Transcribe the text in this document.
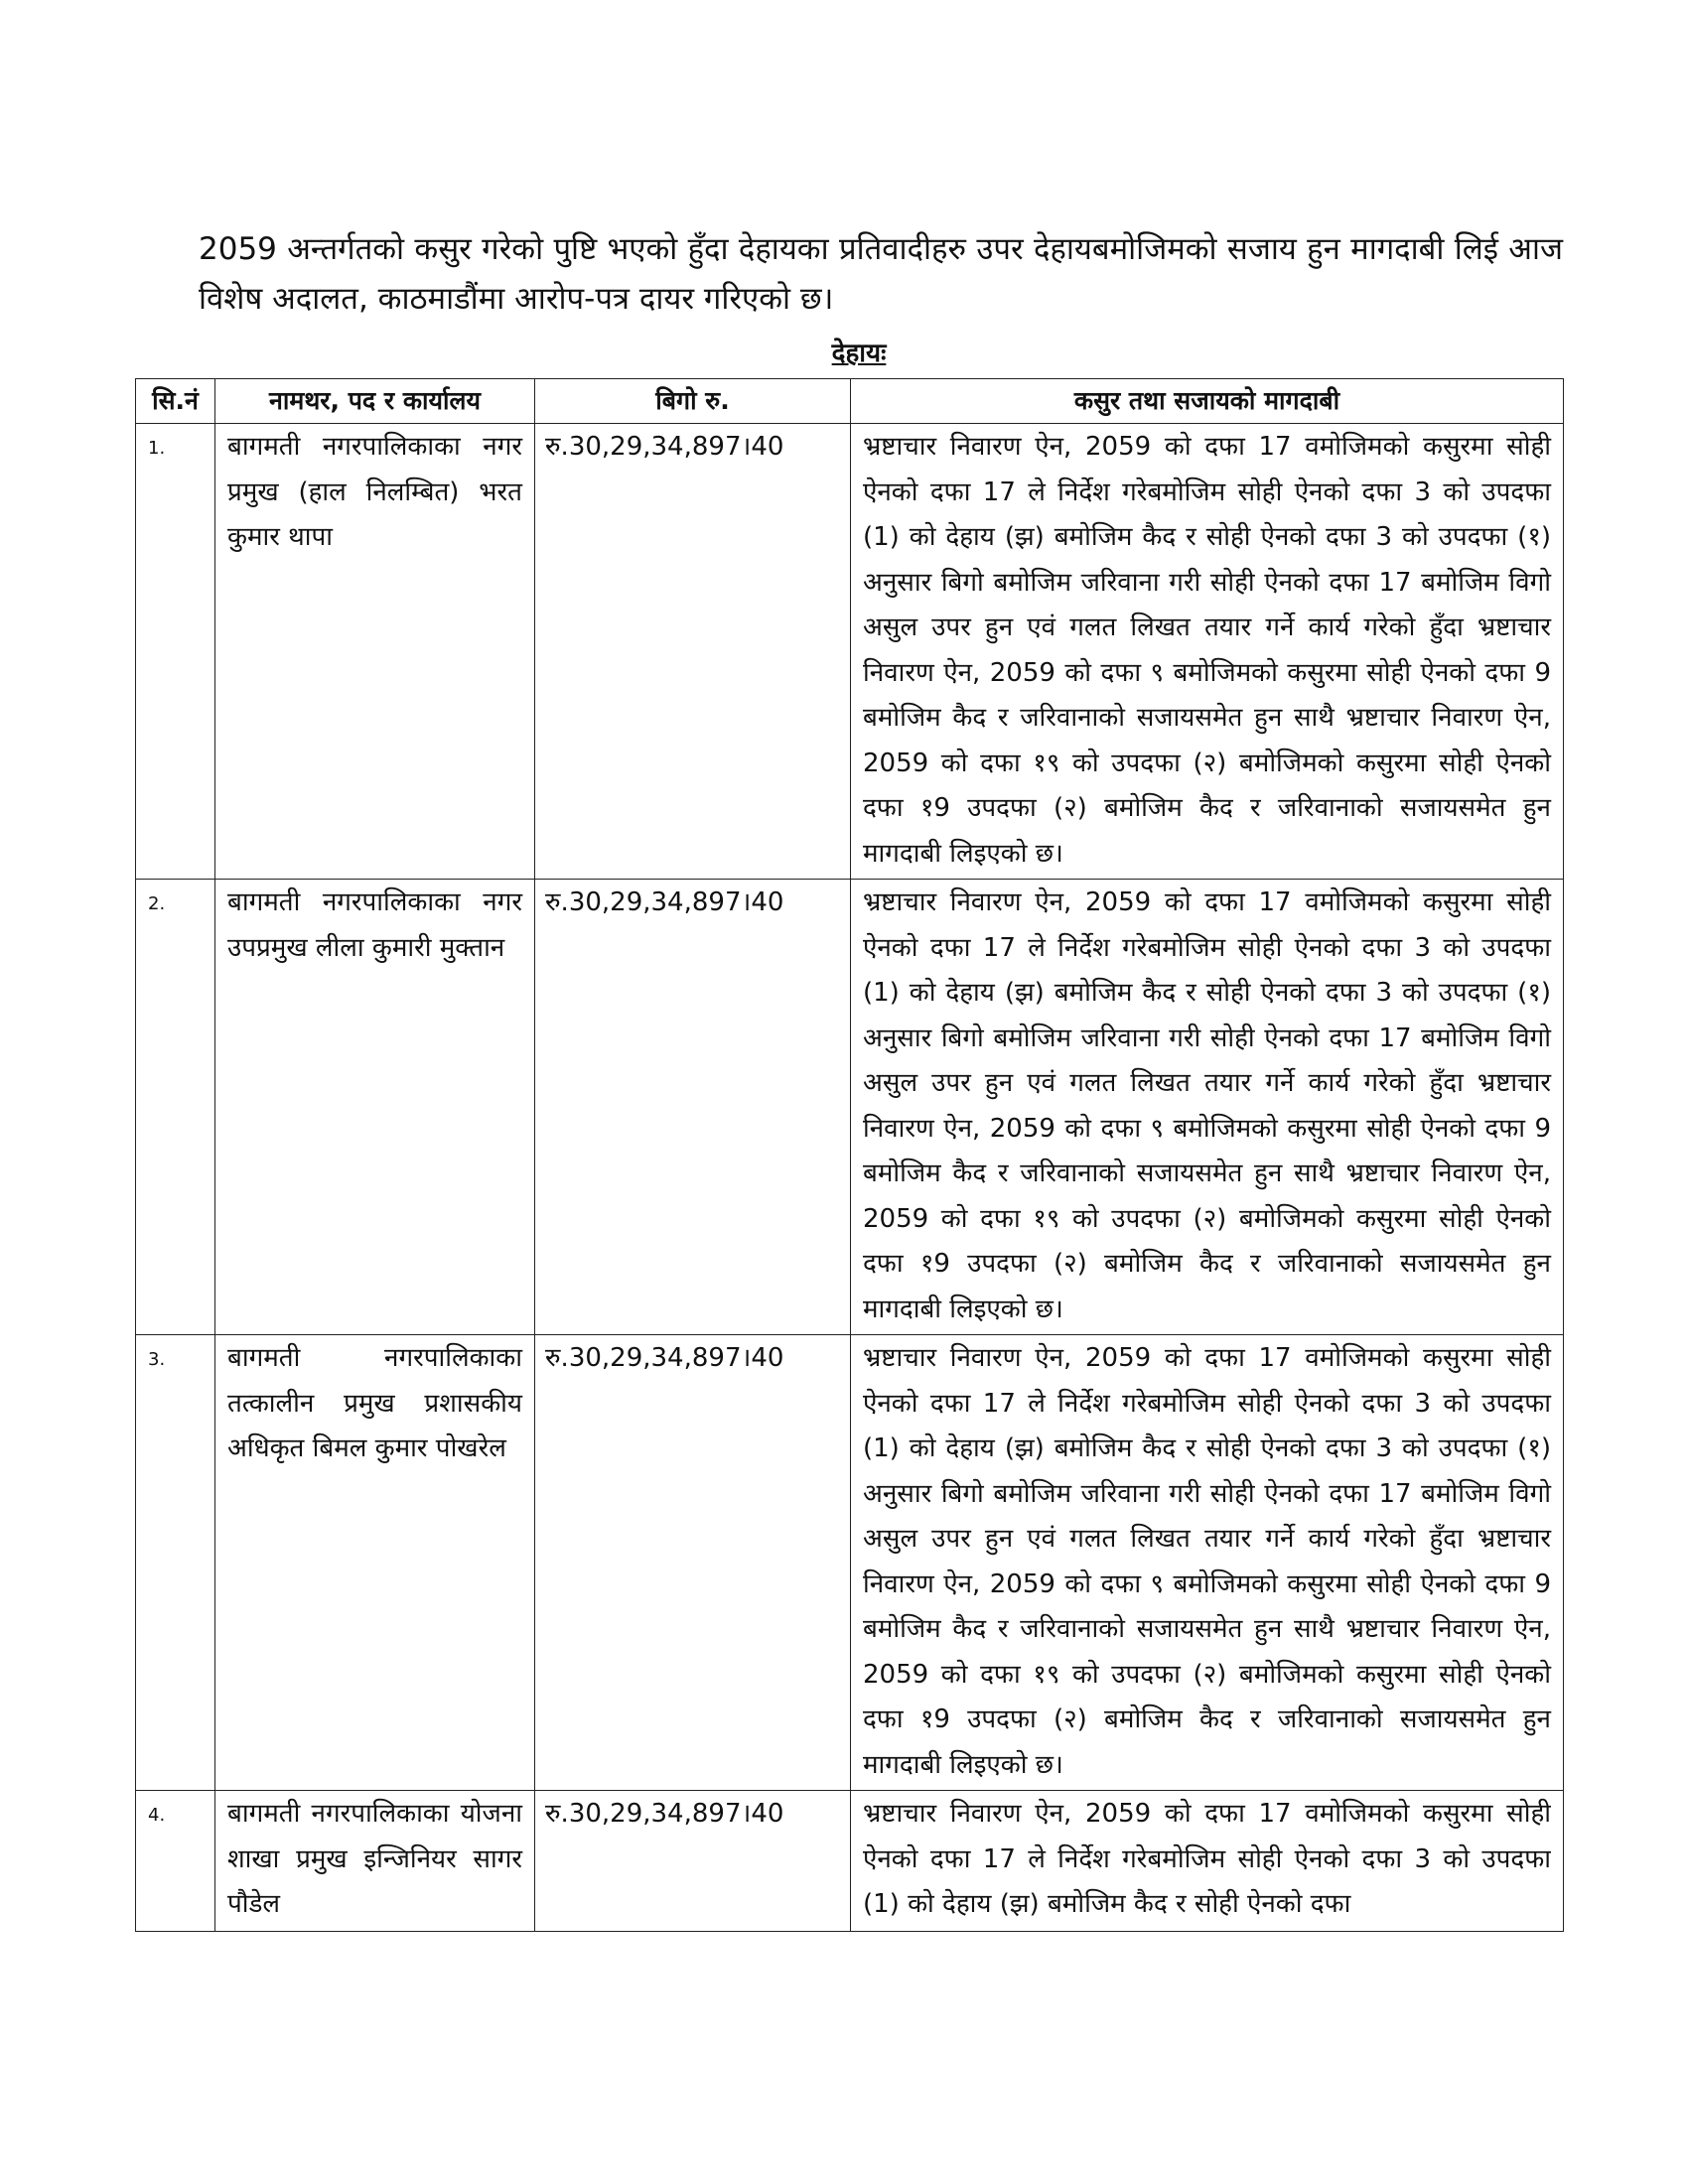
2059 अन्तर्गतको कसुर गरेको पुष्टि भएको हुँदा देहायका प्रतिवादीहरु उपर देहायबमोजिमको सजाय हुन मागदाबी लिई आज विशेष अदालत, काठमाडौंमा आरोप-पत्र दायर गरिएको छ।

देहायः
सि.नं	नामथर, पद र कार्यालय	बिगो रु.	कसुर तथा सजायको मागदाबी
1.	बागमती नगरपालिकाका नगर प्रमुख (हाल निलम्बित) भरत कुमार थापा	रु.30,29,34,897।40	भ्रष्टाचार निवारण ऐन, 2059 को दफा 17 वमोजिमको कसुरमा सोही ऐनको दफा 17 ले निर्देश गरेबमोजिम सोही ऐनको दफा 3 को उपदफा (1) को देहाय (झ) बमोजिम कैद र सोही ऐनको दफा 3 को उपदफा (१) अनुसार बिगो बमोजिम जरिवाना गरी सोही ऐनको दफा 17 बमोजिम विगो असुल उपर हुन एवं गलत लिखत तयार गर्ने कार्य गरेको हुँदा भ्रष्टाचार निवारण ऐन, 2059 को दफा ९ बमोजिमको कसुरमा सोही ऐनको दफा 9 बमोजिम कैद र जरिवानाको सजायसमेत हुन साथै भ्रष्टाचार निवारण ऐन, 2059 को दफा १९ को उपदफा (२) बमोजिमको कसुरमा सोही ऐनको दफा १9 उपदफा (२) बमोजिम कैद र जरिवानाको सजायसमेत हुन मागदाबी लिइएको छ।
2.	बागमती नगरपालिकाका नगर उपप्रमुख लीला कुमारी मुक्तान	रु.30,29,34,897।40	भ्रष्टाचार निवारण ऐन, 2059 को दफा 17 वमोजिमको कसुरमा सोही ऐनको दफा 17 ले निर्देश गरेबमोजिम सोही ऐनको दफा 3 को उपदफा (1) को देहाय (झ) बमोजिम कैद र सोही ऐनको दफा 3 को उपदफा (१) अनुसार बिगो बमोजिम जरिवाना गरी सोही ऐनको दफा 17 बमोजिम विगो असुल उपर हुन एवं गलत लिखत तयार गर्ने कार्य गरेको हुँदा भ्रष्टाचार निवारण ऐन, 2059 को दफा ९ बमोजिमको कसुरमा सोही ऐनको दफा 9 बमोजिम कैद र जरिवानाको सजायसमेत हुन साथै भ्रष्टाचार निवारण ऐन, 2059 को दफा १९ को उपदफा (२) बमोजिमको कसुरमा सोही ऐनको दफा १9 उपदफा (२) बमोजिम कैद र जरिवानाको सजायसमेत हुन मागदाबी लिइएको छ।
3.	बागमती नगरपालिकाका तत्कालीन प्रमुख प्रशासकीय अधिकृत बिमल कुमार पोखरेल	रु.30,29,34,897।40	भ्रष्टाचार निवारण ऐन, 2059 को दफा 17 वमोजिमको कसुरमा सोही ऐनको दफा 17 ले निर्देश गरेबमोजिम सोही ऐनको दफा 3 को उपदफा (1) को देहाय (झ) बमोजिम कैद र सोही ऐनको दफा 3 को उपदफा (१) अनुसार बिगो बमोजिम जरिवाना गरी सोही ऐनको दफा 17 बमोजिम विगो असुल उपर हुन एवं गलत लिखत तयार गर्ने कार्य गरेको हुँदा भ्रष्टाचार निवारण ऐन, 2059 को दफा ९ बमोजिमको कसुरमा सोही ऐनको दफा 9 बमोजिम कैद र जरिवानाको सजायसमेत हुन साथै भ्रष्टाचार निवारण ऐन, 2059 को दफा १९ को उपदफा (२) बमोजिमको कसुरमा सोही ऐनको दफा १9 उपदफा (२) बमोजिम कैद र जरिवानाको सजायसमेत हुन मागदाबी लिइएको छ।
4.	बागमती नगरपालिकाका योजना शाखा प्रमुख इन्जिनियर सागर पौडेल	रु.30,29,34,897।40	भ्रष्टाचार निवारण ऐन, 2059 को दफा 17 वमोजिमको कसुरमा सोही ऐनको दफा 17 ले निर्देश गरेबमोजिम सोही ऐनको दफा 3 को उपदफा (1) को देहाय (झ) बमोजिम कैद र सोही ऐनको दफा
